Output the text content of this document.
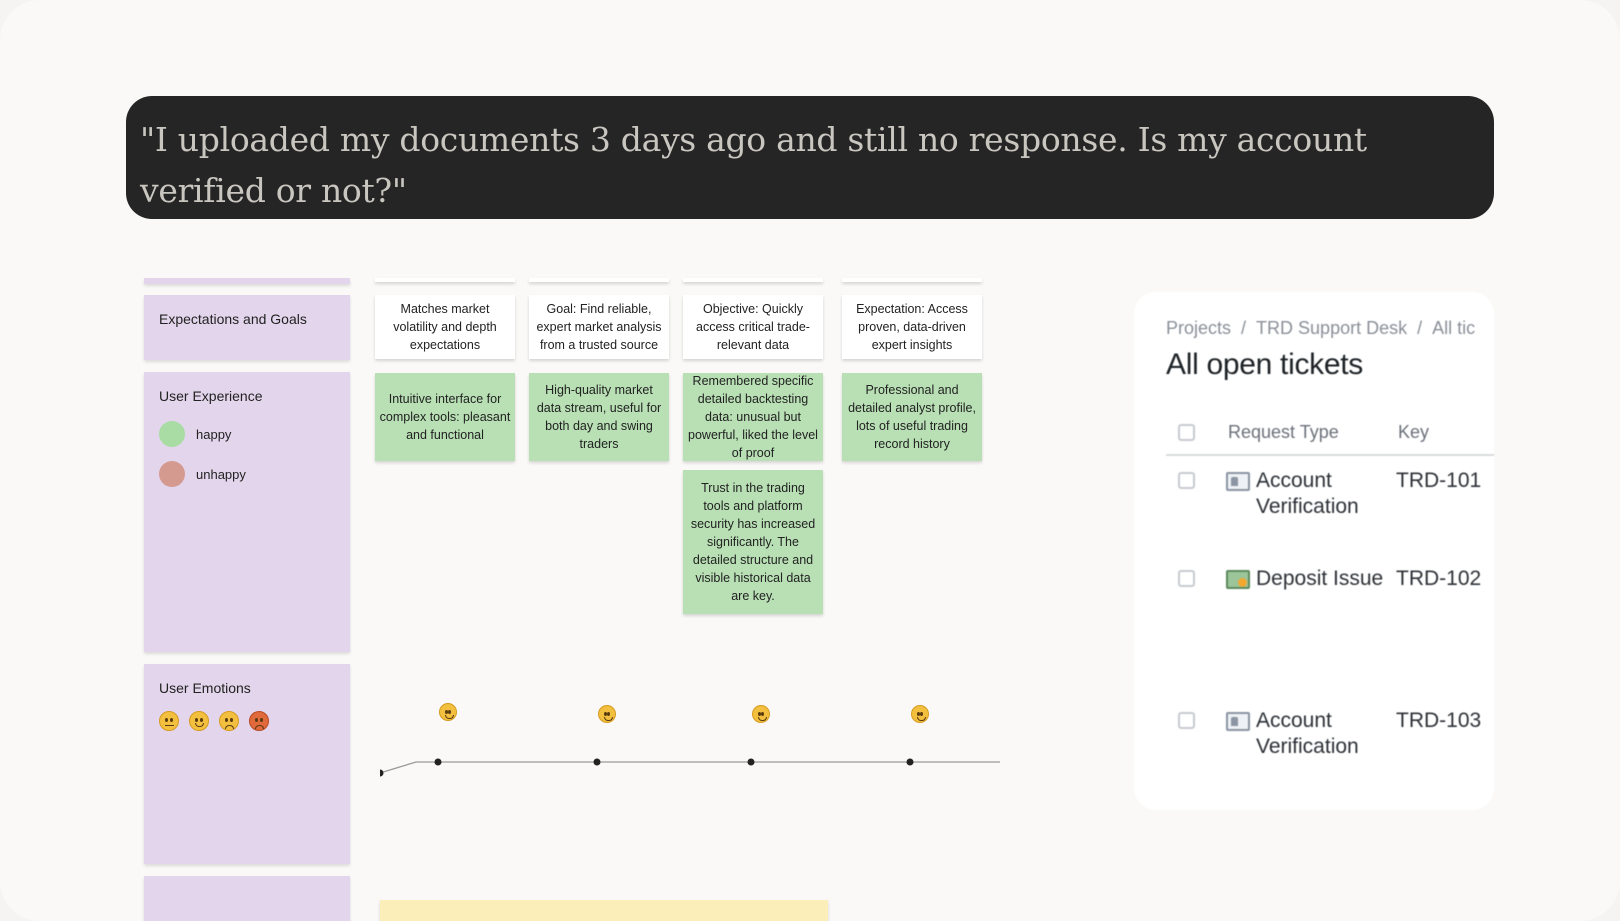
"I uploaded my documents 3 days ago and still no response. Is my account verified or not?"
Expectations and Goals
User Experience
happy
unhappy
User Emotions
Matches market volatility and depth expectations
Goal: Find reliable, expert market analysis from a trusted source
Objective: Quickly access critical trade-relevant data
Expectation: Access proven, data-driven expert insights
Intuitive interface for complex tools: pleasant and functional
High-quality market data stream, useful for both day and swing traders
Remembered specific detailed backtesting data: unusual but powerful, liked the level of proof
Professional and detailed analyst profile, lots of useful trading record history
Trust in the trading tools and platform security has increased significantly. The detailed structure and visible historical data are key.
Projects / TRD Support Desk / All tic
All open tickets
Request Type	Key
Account
Verification
TRD-101
Deposit Issue TRD-102
Account
Verification
TRD-103
